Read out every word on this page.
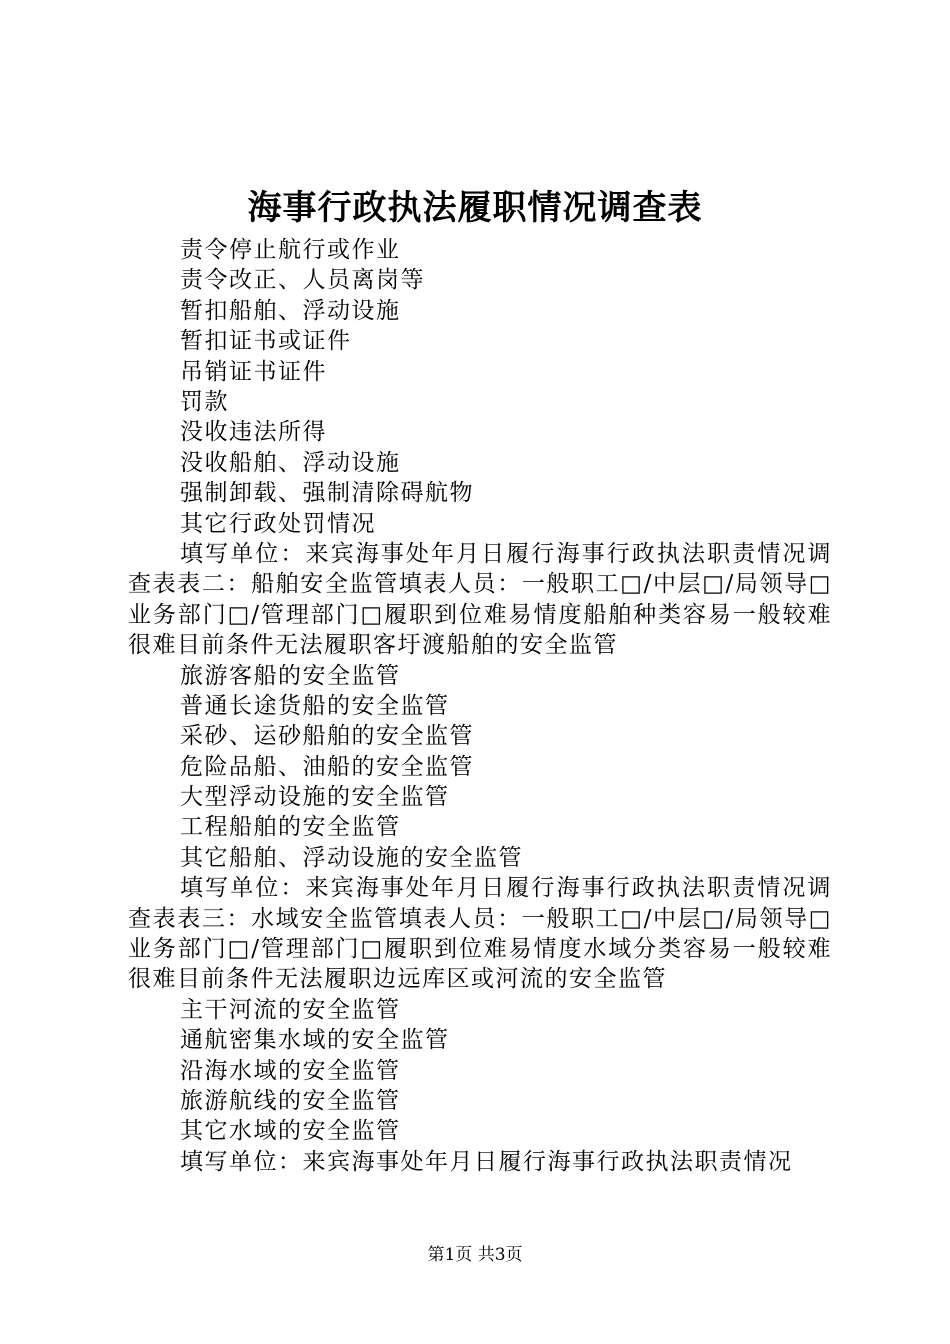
海事行政执法履职情况调查表
责令停止航行或作业
责令改正、人员离岗等
暂扣船舶、浮动设施
暂扣证书或证件
吊销证书证件
罚款
没收违法所得
没收船舶、浮动设施
强制卸载、强制清除碍航物
其它行政处罚情况
填写单位：来宾海事处年月日履行海事行政执法职责情况调查表表二：船舶安全监管填表人员：一般职工□/中层□/局领导□业务部门□/管理部门□履职到位难易情度船舶种类容易一般较难很难目前条件无法履职客圩渡船舶的安全监管
旅游客船的安全监管
普通长途货船的安全监管
采砂、运砂船舶的安全监管
危险品船、油船的安全监管
大型浮动设施的安全监管
工程船舶的安全监管
其它船舶、浮动设施的安全监管
填写单位：来宾海事处年月日履行海事行政执法职责情况调查表表三：水域安全监管填表人员：一般职工□/中层□/局领导□业务部门□/管理部门□履职到位难易情度水域分类容易一般较难很难目前条件无法履职边远库区或河流的安全监管
主干河流的安全监管
通航密集水域的安全监管
沿海水域的安全监管
旅游航线的安全监管
其它水域的安全监管
填写单位：来宾海事处年月日履行海事行政执法职责情况
第1页 共3页
